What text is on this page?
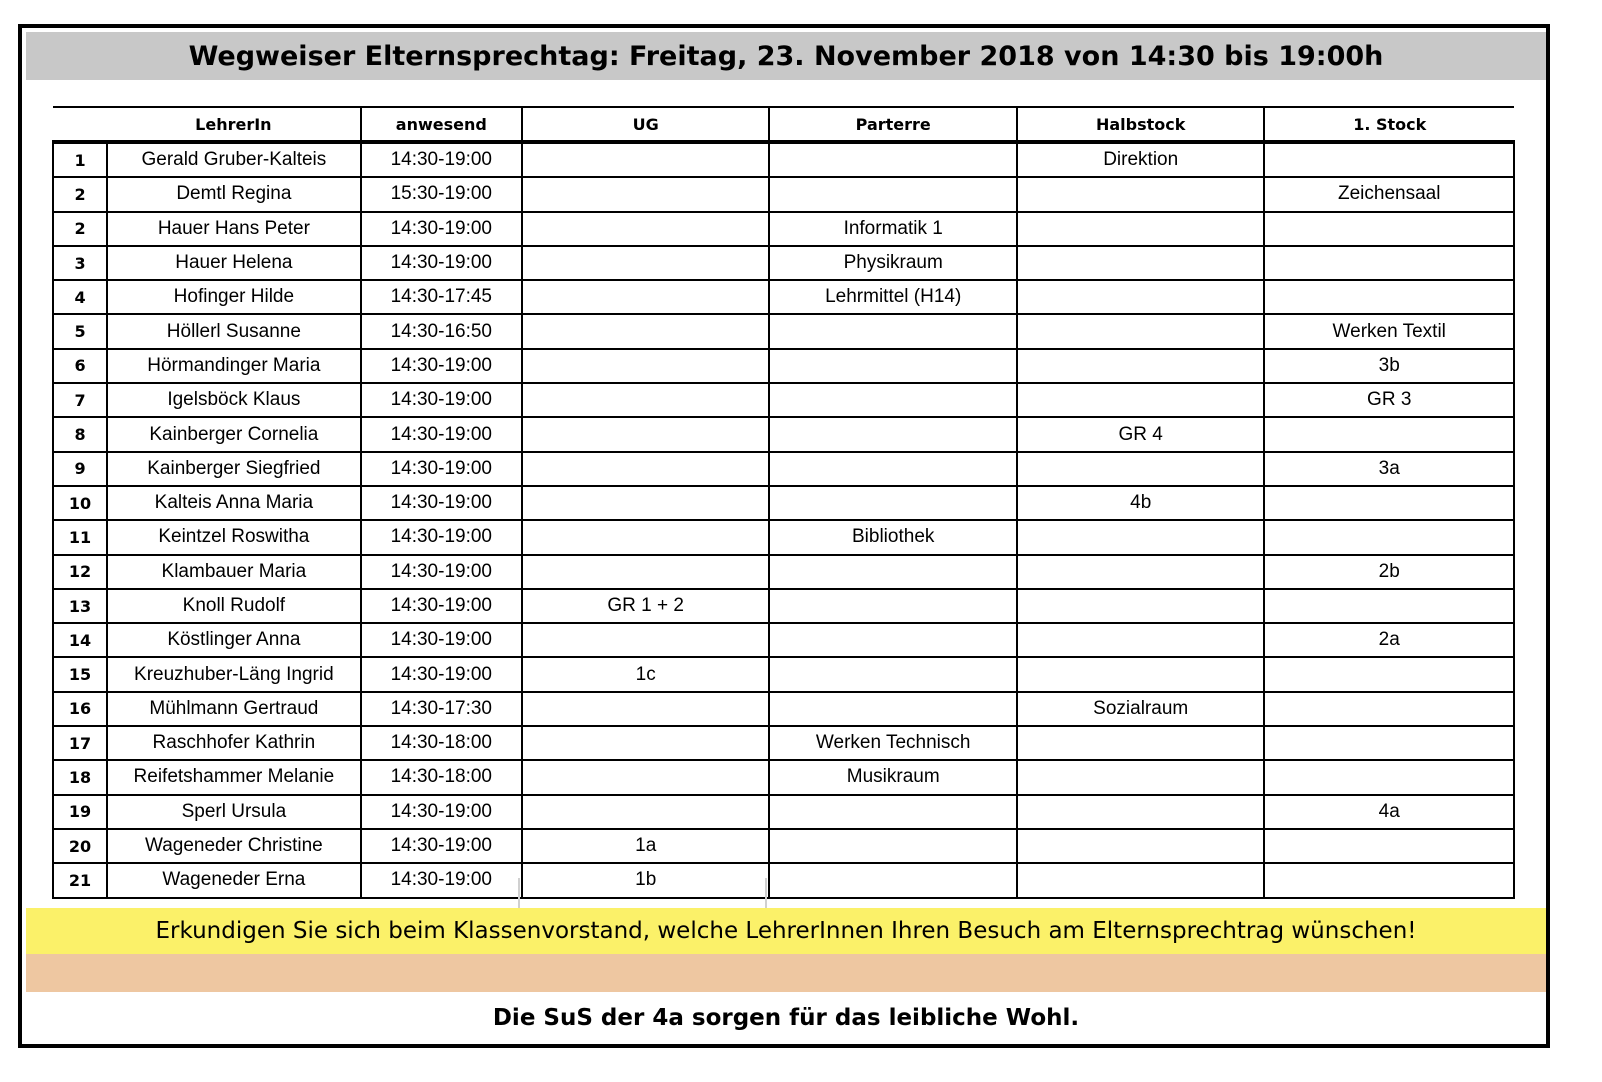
Wegweiser Elternsprechtag: Freitag, 23. November 2018 von 14:30 bis 19:00h
	LehrerIn	anwesend	UG	Parterre	Halbstock	1. Stock
1	Gerald Gruber-Kalteis	14:30-19:00			Direktion	
2	Demtl Regina	15:30-19:00				Zeichensaal
2	Hauer Hans Peter	14:30-19:00		Informatik 1		
3	Hauer Helena	14:30-19:00		Physikraum		
4	Hofinger Hilde	14:30-17:45		Lehrmittel (H14)		
5	Höllerl Susanne	14:30-16:50				Werken Textil
6	Hörmandinger Maria	14:30-19:00				3b
7	Igelsböck Klaus	14:30-19:00				GR 3
8	Kainberger Cornelia	14:30-19:00			GR 4	
9	Kainberger Siegfried	14:30-19:00				3a
10	Kalteis Anna Maria	14:30-19:00			4b	
11	Keintzel Roswitha	14:30-19:00		Bibliothek		
12	Klambauer Maria	14:30-19:00				2b
13	Knoll Rudolf	14:30-19:00	GR 1 + 2			
14	Köstlinger Anna	14:30-19:00				2a
15	Kreuzhuber-Läng Ingrid	14:30-19:00	1c			
16	Mühlmann Gertraud	14:30-17:30			Sozialraum	
17	Raschhofer Kathrin	14:30-18:00		Werken Technisch		
18	Reifetshammer Melanie	14:30-18:00		Musikraum		
19	Sperl Ursula	14:30-19:00				4a
20	Wageneder Christine	14:30-19:00	1a			
21	Wageneder Erna	14:30-19:00	1b			
Erkundigen Sie sich beim Klassenvorstand, welche LehrerInnen Ihren Besuch am Elternsprechtrag wünschen!
Die SuS der 4a sorgen für das leibliche Wohl.
